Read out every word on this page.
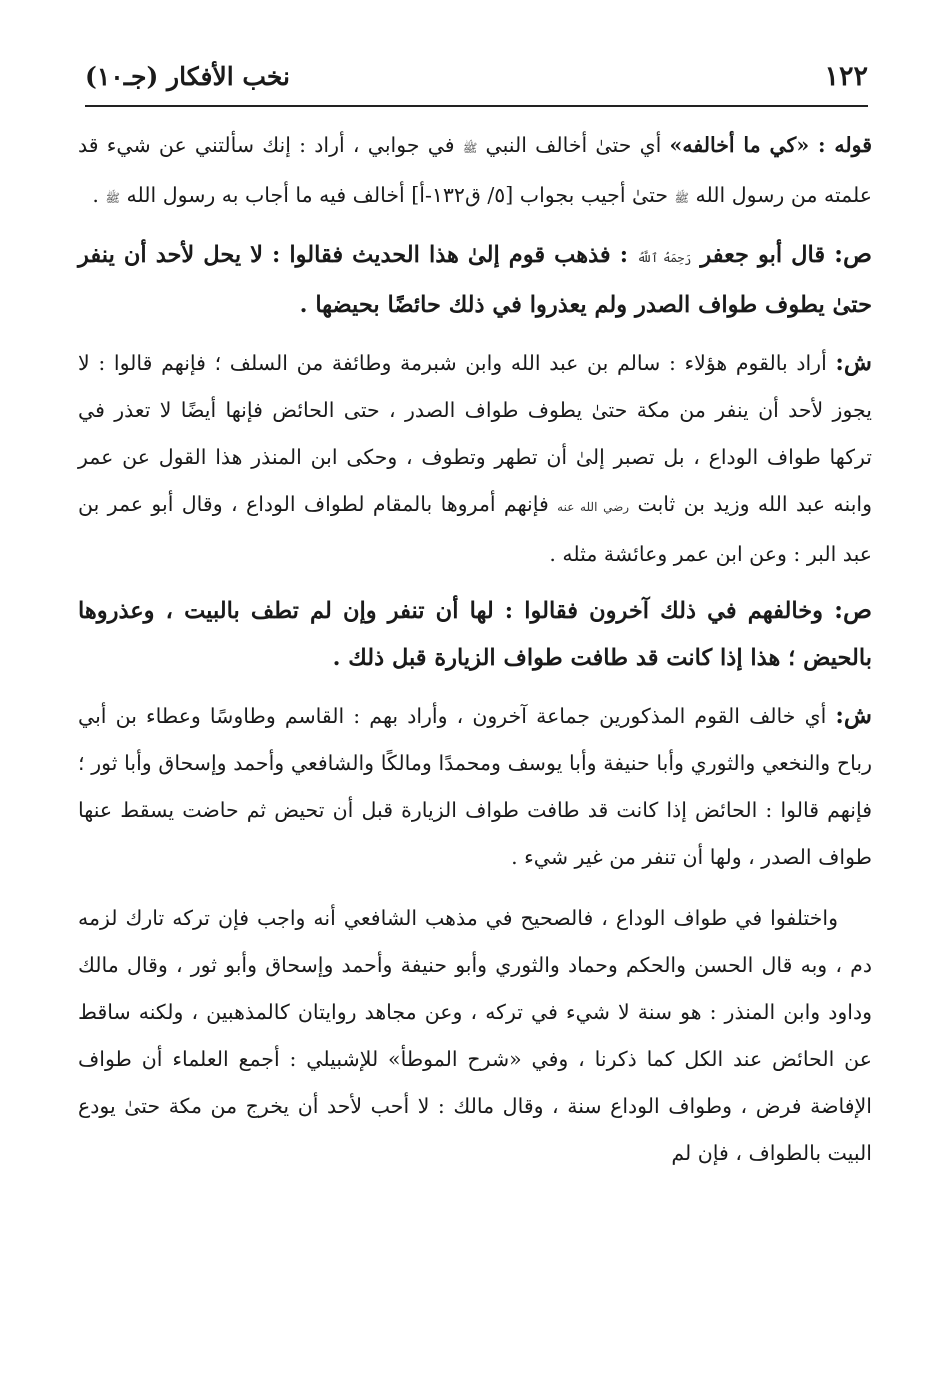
١٢٢
نخب الأفكار (جـ١٠)

قوله : «كي ما أخالفه» أي حتىٰ أخالف النبي ﷺ في جوابي ، أراد : إنك سألتني عن شيء قد علمته من رسول الله ﷺ حتىٰ أجيب بجواب [٥/ ق١٣٢-أ] أخالف فيه ما أجاب به رسول الله ﷺ .

ص: قال أبو جعفر رَحِمَهُ ٱللَّهُ : فذهب قوم إلىٰ هذا الحديث فقالوا : لا يحل لأحد أن ينفر حتىٰ يطوف طواف الصدر ولم يعذروا في ذلك حائضًا بحيضها .

ش: أراد بالقوم هؤلاء : سالم بن عبد الله وابن شبرمة وطائفة من السلف ؛ فإنهم قالوا : لا يجوز لأحد أن ينفر من مكة حتىٰ يطوف طواف الصدر ، حتى الحائض فإنها أيضًا لا تعذر في تركها طواف الوداع ، بل تصبر إلىٰ أن تطهر وتطوف ، وحكى ابن المنذر هذا القول عن عمر وابنه عبد الله وزيد بن ثابت رضي الله عنه فإنهم أمروها بالمقام لطواف الوداع ، وقال أبو عمر بن عبد البر : وعن ابن عمر وعائشة مثله .

ص: وخالفهم في ذلك آخرون فقالوا : لها أن تنفر وإن لم تطف بالبيت ، وعذروها بالحيض ؛ هذا إذا كانت قد طافت طواف الزيارة قبل ذلك .

ش: أي خالف القوم المذكورين جماعة آخرون ، وأراد بهم : القاسم وطاوسًا وعطاء بن أبي رباح والنخعي والثوري وأبا حنيفة وأبا يوسف ومحمدًا ومالكًا والشافعي وأحمد وإسحاق وأبا ثور ؛ فإنهم قالوا : الحائض إذا كانت قد طافت طواف الزيارة قبل أن تحيض ثم حاضت يسقط عنها طواف الصدر ، ولها أن تنفر من غير شيء .

واختلفوا في طواف الوداع ، فالصحيح في مذهب الشافعي أنه واجب فإن تركه تارك لزمه دم ، وبه قال الحسن والحكم وحماد والثوري وأبو حنيفة وأحمد وإسحاق وأبو ثور ، وقال مالك وداود وابن المنذر : هو سنة لا شيء في تركه ، وعن مجاهد روايتان كالمذهبين ، ولكنه ساقط عن الحائض عند الكل كما ذكرنا ، وفي «شرح الموطأ» للإشبيلي : أجمع العلماء أن طواف الإفاضة فرض ، وطواف الوداع سنة ، وقال مالك : لا أحب لأحد أن يخرج من مكة حتىٰ يودع البيت بالطواف ، فإن لم
